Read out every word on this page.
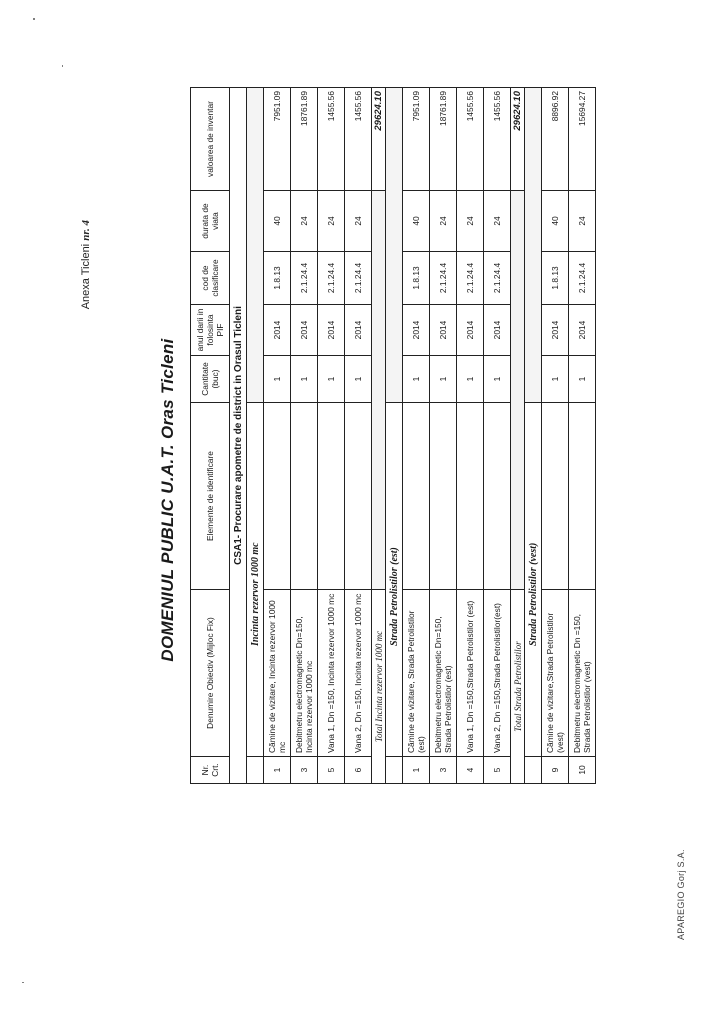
Anexa Ticleni nr. 4
DOMENIUL PUBLIC U.A.T. Oras Ticleni
APAREGIO Gorj S.A.
Nr. Crt.	Denumire Obiectiv (Mijloc Fix)	Elemente de identificare	Cantitate (buc)	anul darii in folosinta PIF	cod de clasificare	durata de viata	valoarea de inventar
CSA1- Procurare apometre de district in Orasul Ticleni							
	Incinta rezervor 1000 mc						
1	Cămine de vizitare, Incinta rezervor 1000 mc		1	2014	1.8.13	40	7951.09
3	Debitmetru electromagnetic Dn=150, Incinta rezervor 1000 mc		1	2014	2.1.24.4	24	18761.89
5	Vana 1, Dn =150, Incinta rezervor 1000 mc		1	2014	2.1.24.4	24	1455.56
6	Vana 2, Dn =150, Incinta rezervor 1000 mc		1	2014	2.1.24.4	24	1455.56
Total Incinta rezervor 1000 mc							29624.10
	Strada Petrolistilor (est)						
1	Cămine de vizitare, Strada Petrolistilor (est)		1	2014	1.8.13	40	7951.09
3	Debitmetru electromagnetic Dn=150, Strada Petrolistilor (est)		1	2014	2.1.24.4	24	18761.89
4	Vana 1, Dn =150,Strada Petrolistilor (est)		1	2014	2.1.24.4	24	1455.56
5	Vana 2, Dn =150,Strada Petrolistilor(est)		1	2014	2.1.24.4	24	1455.56
Total Strada Petrolistilor							29624.10
	Strada Petrolistilor (vest)						
9	Cămine de vizitare,Strada Petrolistilor (vest)		1	2014	1.8.13	40	8896.92
10	Debitmetru electromagnetic Dn =150, Strada Petrolistilor (vest)		1	2014	2.1.24.4	24	15694.27
